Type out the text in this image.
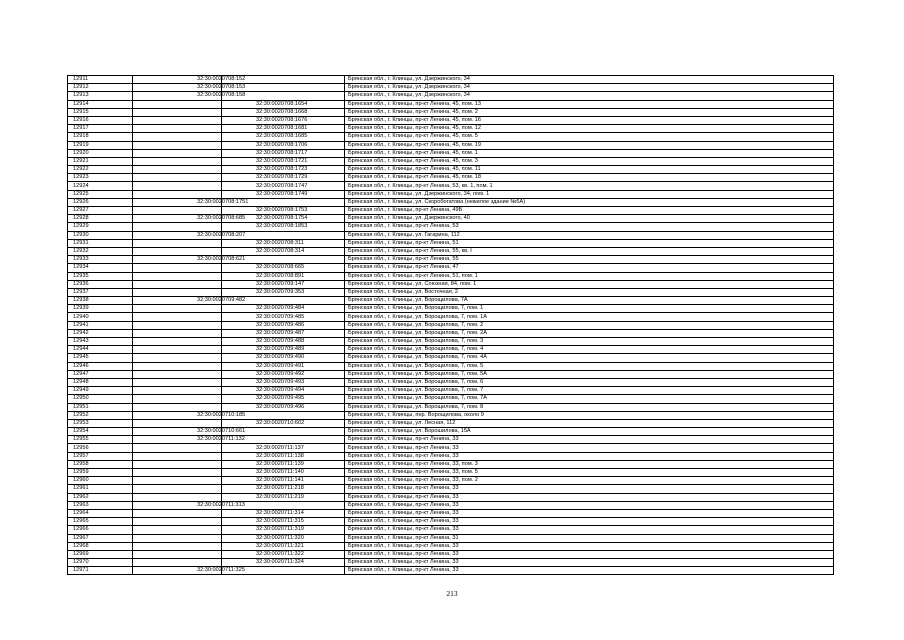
12911	32:30:0020708:152		Брянская обл., г. Клинцы, ул. Дзержинского, 34
12912	32:30:0020708:153		Брянская обл., г. Клинцы, ул. Дзержинского, 34
12913	32:30:0020708:158		Брянская обл., г. Клинцы, ул. Дзержинского, 34
12914		32:30:0020708:1654	Брянская обл., г. Клинцы, пр-кт Ленина, 45, пом. 13
12915		32:30:0020708:1668	Брянская обл., г. Клинцы, пр-кт Ленина, 45, пом. 2
12916		32:30:0020708:1676	Брянская обл., г. Клинцы, пр-кт Ленина, 45, пом. 16
12917		32:30:0020708:1681	Брянская обл., г. Клинцы, пр-кт Ленина, 45, пом. 12
12918		32:30:0020708:1685	Брянская обл., г. Клинцы, пр-кт Ленина, 45, пом. 5
12919		32:30:0020708:1706	Брянская обл., г. Клинцы, пр-кт Ленина, 45, пом. 19
12920		32:30:0020708:1717	Брянская обл., г. Клинцы, пр-кт Ленина, 45, пом. 1
12921		32:30:0020708:1721	Брянская обл., г. Клинцы, пр-кт Ленина, 45, пом. 3
12922		32:30:0020708:1723	Брянская обл., г. Клинцы, пр-кт Ленина, 45, пом. 11
12923		32:30:0020708:1729	Брянская обл., г. Клинцы, пр-кт Ленина, 45, пом. 18
12924		32:30:0020708:1747	Брянская обл., г. Клинцы, пр-кт Ленина, 53, кв. 1, пом. 1
12925		32:30:0020708:1749	Брянская обл., г. Клинцы, ул. Дзержинского, 34, пом. 1
12926	32:30:0020708:1751		Брянская обл., г. Клинцы, ул. Скоробогатова (нежилое здание №5А)
12927		32:30:0020708:1753	Брянская обл., г. Клинцы, пр-кт Ленина, 49Б
12928	32:30:0020708:685	32:30:0020708:1754	Брянская обл., г. Клинцы, ул. Дзержинского, 40
12929		32:30:0020708:1853	Брянская обл., г. Клинцы, пр-кт Ленина, 53
12930	32:30:0020708:207		Брянская обл., г. Клинцы, ул. Гагарина, 112
12931		32:30:0020708:311	Брянская обл., г. Клинцы, пр-кт Ленина, 51
12932		32:30:0020708:314	Брянская обл., г. Клинцы, пр-кт Ленина, 55, кв. I
12933	32:30:0020708:621		Брянская обл., г. Клинцы, пр-кт Ленина, 55
12934		32:30:0020708:665	Брянская обл., г. Клинцы, пр-кт Ленина, 47
12935		32:30:0020708:891	Брянская обл., г. Клинцы, пр-кт Ленина, 51, пом. 1
12936		32:30:0020709:147	Брянская обл., г. Клинцы, ул. Союзная, 84, пом. 1
12937		32:30:0020709:353	Брянская обл., г. Клинцы, ул. Восточная, 2
12938	32:30:0020709:482		Брянская обл., г. Клинцы, ул. Ворощилова, 7А
12939		32:30:0020709:484	Брянская обл., г. Клинцы, ул. Ворощилова, 7, пом. 1
12940		32:30:0020709:485	Брянская обл., г. Клинцы, ул. Ворощилова, 7, пом. 1А
12941		32:30:0020709:486	Брянская обл., г. Клинцы, ул. Ворощилова, 7, пом. 2
12942		32:30:0020709:487	Брянская обл., г. Клинцы, ул. Ворощилова, 7, пом. 2А
12943		32:30:0020709:488	Брянская обл., г. Клинцы, ул. Ворощилова, 7, пом. 3
12944		32:30:0020709:489	Брянская обл., г. Клинцы, ул. Ворощилова, 7, пом. 4
12945		32:30:0020709:490	Брянская обл., г. Клинцы, ул. Ворощилова, 7, пом. 4А
12946		32:30:0020709:491	Брянская обл., г. Клинцы, ул. Ворощилова, 7, пом. 5
12947		32:30:0020709:492	Брянская обл., г. Клинцы, ул. Ворощилова, 7, пом. 5А
12948		32:30:0020709:493	Брянская обл., г. Клинцы, ул. Ворощилова, 7, пом. 6
12949		32:30:0020709:494	Брянская обл., г. Клинцы, ул. Ворощилова, 7, пом. 7
12950		32:30:0020709:495	Брянская обл., г. Клинцы, ул. Ворощилова, 7, пом. 7А
12951		32:30:0020709:496	Брянская обл., г. Клинцы, ул. Ворощилова, 7, пом. 8
12952	32:30:0020710:185		Брянская обл., г. Клинцы, пер. Ворощилова, около 9
12953		32:30:0020710:602	Брянская обл., г. Клинцы, ул. Лесная, 112
12954	32:30:0020710:661		Брянская обл., г. Клинцы, ул. Ворошилова, 15А
12955	32:30:0020711:132		Брянская обл., г. Клинцы, пр-кт Ленина, 33
12956		32:30:0020711:137	Брянская обл., г. Клинцы, пр-кт Ленина, 33
12957		32:30:0020711:138	Брянская обл., г. Клинцы, пр-кт Ленина, 33
12958		32:30:0020711:139	Брянская обл., г. Клинцы, пр-кт Ленина, 33, пом. 3
12959		32:30:0020711:140	Брянская обл., г. Клинцы, пр-кт Ленина, 33, пом. 5
12960		32:30:0020711:141	Брянская обл., г. Клинцы, пр-кт Ленина, 33, пом. 2
12961		32:30:0020711:218	Брянская обл., г. Клинцы, пр-кт Ленина, 33
12962		32:30:0020711:219	Брянская обл., г. Клинцы, пр-кт Ленина, 33
12963	32:30:0020711:313		Брянская обл., г. Клинцы, пр-кт Ленина, 33
12964		32:30:0020711:314	Брянская обл., г. Клинцы, пр-кт Ленина, 33
12965		32:30:0020711:315	Брянская обл., г. Клинцы, пр-кт Ленина, 33
12966		32:30:0020711:319	Брянская обл., г. Клинцы, пр-кт Ленина, 33
12967		32:30:0020711:320	Брянская обл., г. Клинцы, пр-кт Ленина, 31
12968		32:30:0020711:321	Брянская обл., г. Клинцы, пр-кт Ленина, 33
12969		32:30:0020711:322	Брянская обл., г. Клинцы, пр-кт Ленина, 33
12970		32:30:0020711:324	Брянская обл., г. Клинцы, пр-кт Ленина, 33
12971	32:30:0020711:325		Брянская обл., г. Клинцы, пр-кт Ленина, 33
213
